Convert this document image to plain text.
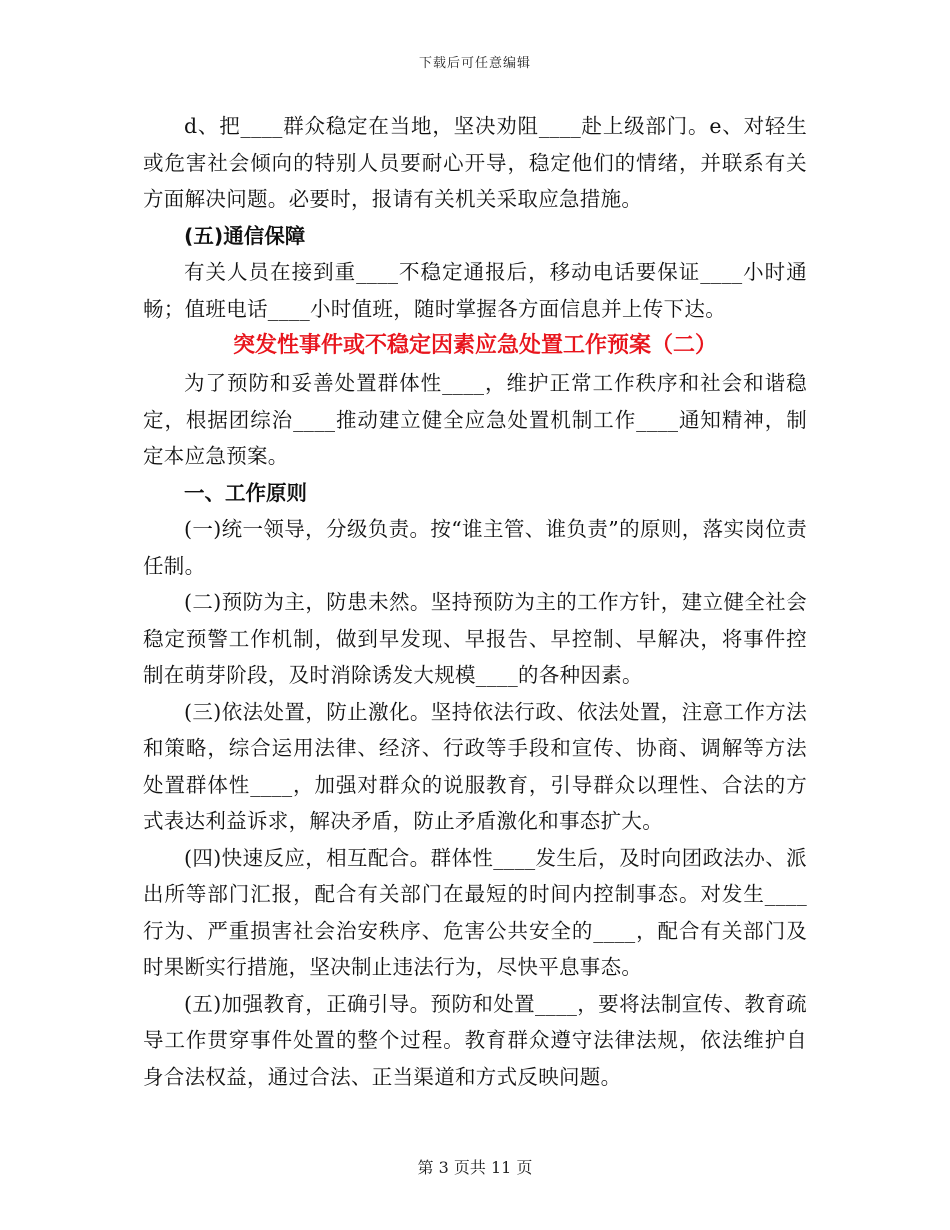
下载后可任意编辑

d、把____群众稳定在当地，坚决劝阻____赴上级部门。e、对轻生或危害社会倾向的特别人员要耐心开导，稳定他们的情绪，并联系有关方面解决问题。必要时，报请有关机关采取应急措施。

(五)通信保障

有关人员在接到重____不稳定通报后，移动电话要保证____小时通畅；值班电话____小时值班，随时掌握各方面信息并上传下达。

突发性事件或不稳定因素应急处置工作预案（二）

为了预防和妥善处置群体性____，维护正常工作秩序和社会和谐稳定，根据团综治____推动建立健全应急处置机制工作____通知精神，制定本应急预案。

一、工作原则

(一)统一领导，分级负责。按“谁主管、谁负责”的原则，落实岗位责任制。

(二)预防为主，防患未然。坚持预防为主的工作方针，建立健全社会稳定预警工作机制，做到早发现、早报告、早控制、早解决，将事件控制在萌芽阶段，及时消除诱发大规模____的各种因素。

(三)依法处置，防止激化。坚持依法行政、依法处置，注意工作方法和策略，综合运用法律、经济、行政等手段和宣传、协商、调解等方法处置群体性____，加强对群众的说服教育，引导群众以理性、合法的方式表达利益诉求，解决矛盾，防止矛盾激化和事态扩大。

(四)快速反应，相互配合。群体性____发生后，及时向团政法办、派出所等部门汇报，配合有关部门在最短的时间内控制事态。对发生____行为、严重损害社会治安秩序、危害公共安全的____，配合有关部门及时果断实行措施，坚决制止违法行为，尽快平息事态。

(五)加强教育，正确引导。预防和处置____，要将法制宣传、教育疏导工作贯穿事件处置的整个过程。教育群众遵守法律法规，依法维护自身合法权益，通过合法、正当渠道和方式反映问题。

第 3 页共 11 页
